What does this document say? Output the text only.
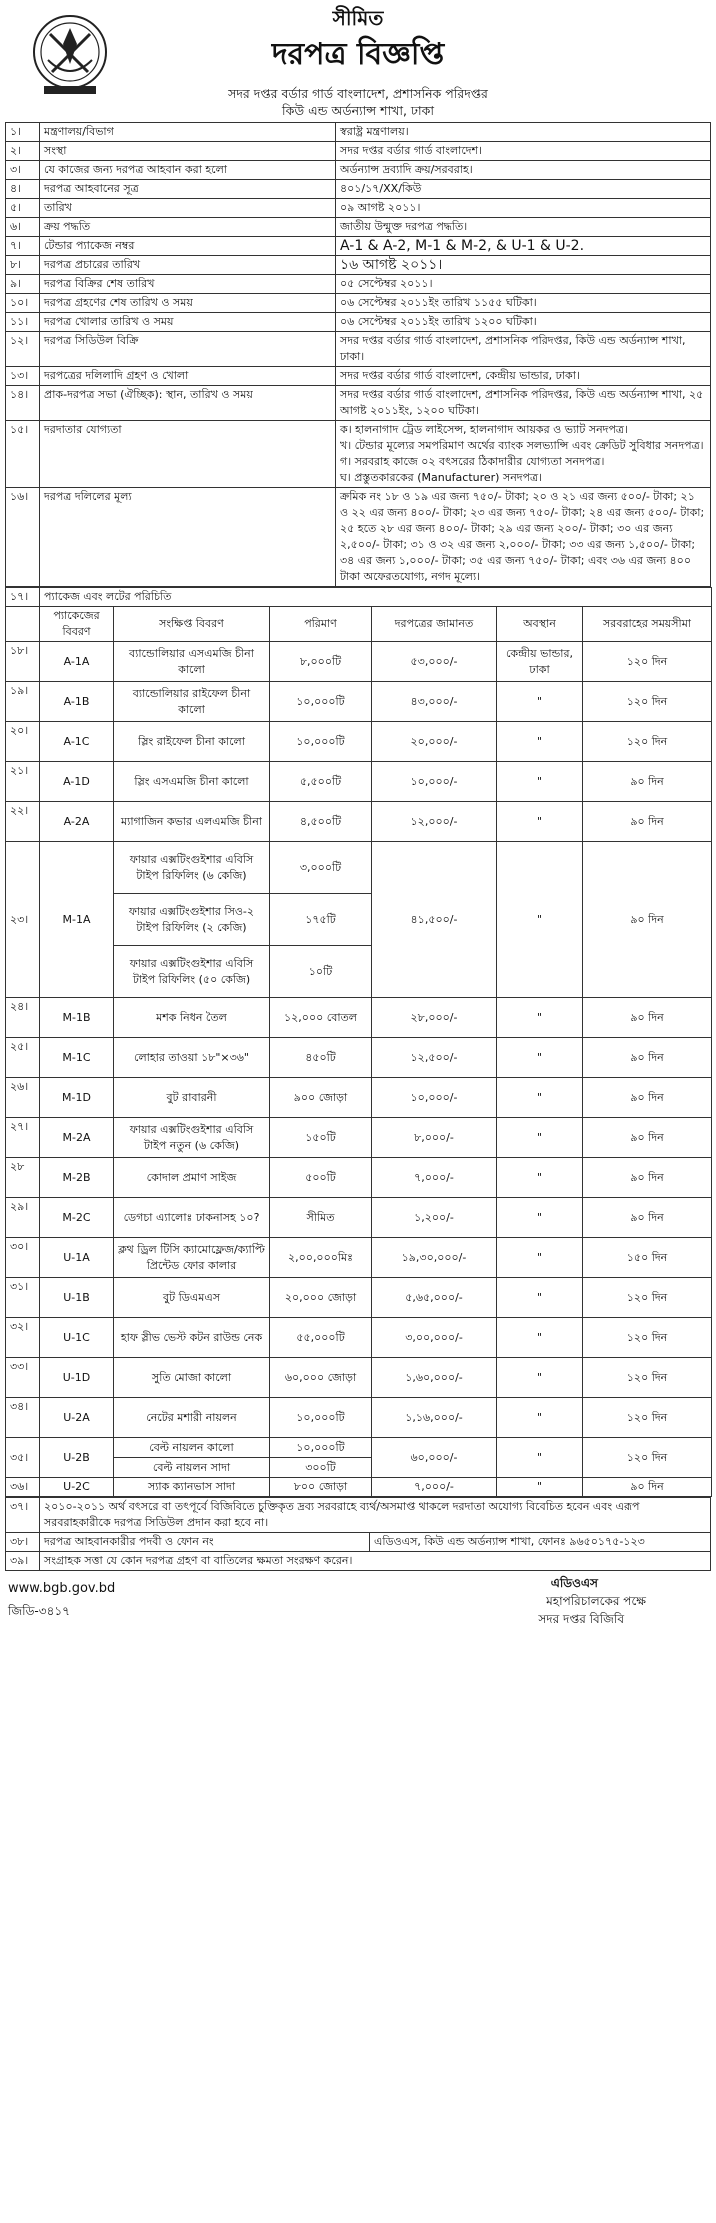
সীমিত
দরপত্র বিজ্ঞপ্তি
সদর দপ্তর বর্ডার গার্ড বাংলাদেশ, প্রশাসনিক পরিদপ্তর
কিউ এন্ড অর্ডন্যান্স শাখা, ঢাকা
১।	মন্ত্রণালয়/বিভাগ	স্বরাষ্ট্র মন্ত্রণালয়।
২।	সংস্থা	সদর দপ্তর বর্ডার গার্ড বাংলাদেশ।
৩।	যে কাজের জন্য দরপত্র আহবান করা হলো	অর্ডন্যান্স দ্রব্যাদি ক্রয়/সরবরাহ।
৪।	দরপত্র আহবানের সূত্র	৪০১/১৭/XX/কিউ
৫।	তারিখ	০৯ আগষ্ট ২০১১।
৬।	ক্রয় পদ্ধতি	জাতীয় উন্মুক্ত দরপত্র পদ্ধতি।
৭।	টেন্ডার প্যাকেজ নম্বর	A-1 & A-2, M-1 & M-2, & U-1 & U-2.
৮।	দরপত্র প্রচারের তারিখ	১৬ আগষ্ট ২০১১।
৯।	দরপত্র বিক্রির শেষ তারিখ	০৫ সেপ্টেম্বর ২০১১।
১০।	দরপত্র গ্রহণের শেষ তারিখ ও সময়	০৬ সেপ্টেম্বর ২০১১ইং তারিখ ১১৫৫ ঘটিকা।
১১।	দরপত্র খোলার তারিখ ও সময়	০৬ সেপ্টেম্বর ২০১১ইং তারিখ ১২০০ ঘটিকা।
১২।	দরপত্র সিডিউল বিক্রি	সদর দপ্তর বর্ডার গার্ড বাংলাদেশ, প্রশাসনিক পরিদপ্তর, কিউ এন্ড অর্ডন্যান্স শাখা, ঢাকা।
১৩।	দরপত্রের দলিলাদি গ্রহণ ও খোলা	সদর দপ্তর বর্ডার গার্ড বাংলাদেশ, কেন্দ্রীয় ভান্ডার, ঢাকা।
১৪।	প্রাক-দরপত্র সভা (ঐচ্ছিক): স্থান, তারিখ ও সময়	সদর দপ্তর বর্ডার গার্ড বাংলাদেশ, প্রশাসনিক পরিদপ্তর, কিউ এন্ড অর্ডন্যান্স শাখা, ২৫ আগষ্ট ২০১১ইং, ১২০০ ঘটিকা।
১৫।	দরদাতার যোগ্যতা	ক। হালনাগাদ ট্রেড লাইসেন্স, হালনাগাদ আয়কর ও ভ্যাট সনদপত্র।
খ। টেন্ডার মূল্যের সমপরিমাণ অর্থের ব্যাংক সলভ্যান্সি এবং ক্রেডিট সুবিধার সনদপত্র।
গ। সরবরাহ কাজে ০২ বৎসরের ঠিকাদারীর যোগ্যতা সনদপত্র।
ঘ। প্রস্তুতকারকের (Manufacturer) সনদপত্র।

১৬।	দরপত্র দলিলের মূল্য	ক্রমিক নং ১৮ ও ১৯ এর জন্য ৭৫০/- টাকা; ২০ ও ২১ এর জন্য ৫০০/- টাকা; ২১ ও ২২ এর জন্য ৪০০/- টাকা; ২৩ এর জন্য ৭৫০/- টাকা; ২৪ এর জন্য ৫০০/- টাকা; ২৫ হতে ২৮ এর জন্য ৪০০/- টাকা; ২৯ এর জন্য ২০০/- টাকা; ৩০ এর জন্য ২,৫০০/- টাকা; ৩১ ও ৩২ এর জন্য ২,০০০/- টাকা; ৩৩ এর জন্য ১,৫০০/- টাকা; ৩৪ এর জন্য ১,০০০/- টাকা; ৩৫ এর জন্য ৭৫০/- টাকা; এবং ৩৬ এর জন্য ৪০০ টাকা অফেরতযোগ্য, নগদ মূল্যে।
১৭।	প্যাকেজ এবং লটের পরিচিতি					
	প্যাকেজের বিবরণ	সংক্ষিপ্ত বিবরণ	পরিমাণ	দরপত্রের জামানত	অবস্থান	সরবরাহের সময়সীমা
১৮।	A-1A	ব্যান্ডোলিয়ার এসএমজি চীনা কালো	৮,০০০টি	৫৩,০০০/-	কেন্দ্রীয় ভান্ডার, ঢাকা	১২০ দিন
১৯।	A-1B	ব্যান্ডোলিয়ার রাইফেল চীনা কালো	১০,০০০টি	৪৩,০০০/-	"	১২০ দিন
২০।	A-1C	স্লিং রাইফেল চীনা কালো	১০,০০০টি	২০,০০০/-	"	১২০ দিন
২১।	A-1D	স্লিং এসএমজি চীনা কালো	৫,৫০০টি	১০,০০০/-	"	৯০ দিন
২২।	A-2A	ম্যাগাজিন কভার এলএমজি চীনা	৪,৫০০টি	১২,০০০/-	"	৯০ দিন
২৩।	M-1A	ফায়ার এক্সটিংগুইশার এবিসি টাইপ রিফিলিং (৬ কেজি)	৩,০০০টি	৪১,৫০০/-	"	৯০ দিন
		ফায়ার এক্সটিংগুইশার সিও-২ টাইপ রিফিলিং (২ কেজি)	১৭৫টি			
		ফায়ার এক্সটিংগুইশার এবিসি টাইপ রিফিলিং (৫০ কেজি)	১০টি			
২৪।	M-1B	মশক নিধন তৈল	১২,০০০ বোতল	২৮,০০০/-	"	৯০ দিন
২৫।	M-1C	লোহার তাওয়া ১৮"×৩৬"	৪৫০টি	১২,৫০০/-	"	৯০ দিন
২৬।	M-1D	বুট রাবারনী	৯০০ জোড়া	১০,০০০/-	"	৯০ দিন
২৭।	M-2A	ফায়ার এক্সটিংগুইশার এবিসি টাইপ নতুন (৬ কেজি)	১৫০টি	৮,০০০/-	"	৯০ দিন
২৮	M-2B	কোদাল প্রমাণ সাইজ	৫০০টি	৭,০০০/-	"	৯০ দিন
২৯।	M-2C	ডেগচা এ্যালোঃ ঢাকনাসহ ১০?	সীমিত	১,২০০/-	"	৯০ দিন
৩০।	U-1A	ক্লথ ড্রিল টিসি ক্যামোফ্লেজ/ক্যাপ্টি প্রিন্টেড ফোর কালার	২,০০,০০০মিঃ	১৯,৩০,০০০/-	"	১৫০ দিন
৩১।	U-1B	বুট ডিএমএস	২০,০০০ জোড়া	৫,৬৫,০০০/-	"	১২০ দিন
৩২।	U-1C	হাফ স্লীভ ভেস্ট কটন রাউন্ড নেক	৫৫,০০০টি	৩,০০,০০০/-	"	১২০ দিন
৩৩।	U-1D	সুতি মোজা কালো	৬০,০০০ জোড়া	১,৬০,০০০/-	"	১২০ দিন
৩৪।	U-2A	নেটের মশারী নায়লন	১০,০০০টি	১,১৬,০০০/-	"	১২০ দিন
৩৫।	U-2B	বেল্ট নায়লন কালো	১০,০০০টি	৬০,০০০/-	"	১২০ দিন
		বেল্ট নায়লন সাদা	৩০০টি			
৩৬।	U-2C	স্যাক ক্যানভাস সাদা	৮০০ জোড়া	৭,০০০/-	"	৯০ দিন
৩৭।	২০১০-২০১১ অর্থ বৎসরে বা তৎপূর্বে বিজিবিতে চুক্তিকৃত দ্রব্য সরবরাহে ব্যর্থ/অসমাপ্ত থাকলে দরদাতা অযোগ্য বিবেচিত হবেন এবং এরূপ সরবরাহকারীকে দরপত্র সিডিউল প্রদান করা হবে না।	
৩৮।	দরপত্র আহবানকারীর পদবী ও ফোন নং	এডিওএস, কিউ এন্ড অর্ডন্যান্স শাখা, ফোনঃ ৯৬৫০১৭৫-১২৩
৩৯।	সংগ্রাহক সত্তা যে কোন দরপত্র গ্রহণ বা বাতিলের ক্ষমতা সংরক্ষণ করেন।	
www.bgb.gov.bd
জিডি-৩৪১৭
এডিওএস
মহাপরিচালকের পক্ষে
সদর দপ্তর বিজিবি
